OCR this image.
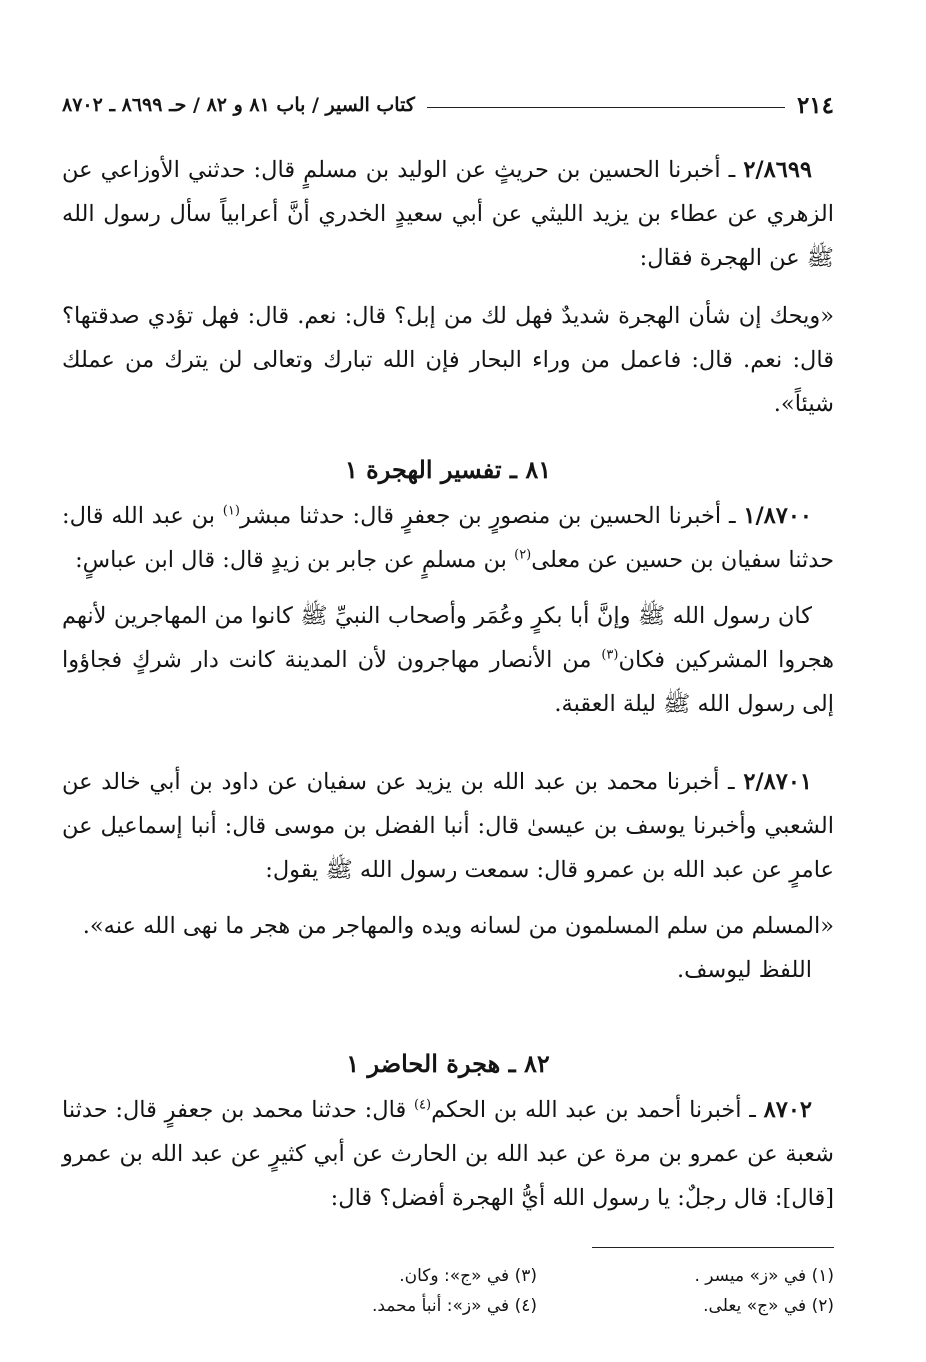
٢١٤
كتاب السير / باب ٨١ و ٨٢ / حـ ٨٦٩٩ ـ ٨٧٠٢

٢/٨٦٩٩ ـ أخبرنا الحسين بن حريثٍ عن الوليد بن مسلمٍ قال: حدثني الأوزاعي عن الزهري عن عطاء بن يزيد الليثي عن أبي سعيدٍ الخدري أنَّ أعرابياً سأل رسول الله ﷺ عن الهجرة فقال:

«ويحك إن شأن الهجرة شديدٌ فهل لك من إبل؟ قال: نعم. قال: فهل تؤدي صدقتها؟ قال: نعم. قال: فاعمل من وراء البحار فإن الله تبارك وتعالى لن يترك من عملك شيئاً».

٨١ ـ تفسير الهجرة ١

١/٨٧٠٠ ـ أخبرنا الحسين بن منصورٍ بن جعفرٍ قال: حدثنا مبشر$^{(١)}$ بن عبد الله قال: حدثنا سفيان بن حسين عن معلى$^{(٢)}$ بن مسلمٍ عن جابر بن زيدٍ قال: قال ابن عباسٍ:

كان رسول الله ﷺ وإنَّ أبا بكرٍ وعُمَر وأصحاب النبيِّ ﷺ كانوا من المهاجرين لأنهم هجروا المشركين فكان$^{(٣)}$ من الأنصار مهاجرون لأن المدينة كانت دار شركٍ فجاؤوا إلى رسول الله ﷺ ليلة العقبة.

٢/٨٧٠١ ـ أخبرنا محمد بن عبد الله بن يزيد عن سفيان عن داود بن أبي خالد عن الشعبي وأخبرنا يوسف بن عيسىٰ قال: أنبا الفضل بن موسى قال: أنبا إسماعيل عن عامرٍ عن عبد الله بن عمرو قال: سمعت رسول الله ﷺ يقول:

«المسلم من سلم المسلمون من لسانه ويده والمهاجر من هجر ما نهى الله عنه».

اللفظ ليوسف.

٨٢ ـ هجرة الحاضر ١

٨٧٠٢ ـ أخبرنا أحمد بن عبد الله بن الحكم$^{(٤)}$ قال: حدثنا محمد بن جعفرٍ قال: حدثنا شعبة عن عمرو بن مرة عن عبد الله بن الحارث عن أبي كثيرٍ عن عبد الله بن عمرو [قال]: قال رجلٌ: يا رسول الله أيُّ الهجرة أفضل؟ قال:

(١) في «ز» ميسر .
(٣) في «ج»: وكان.
(٢) في «ج» يعلى.
(٤) في «ز»: أنبأ محمد.
